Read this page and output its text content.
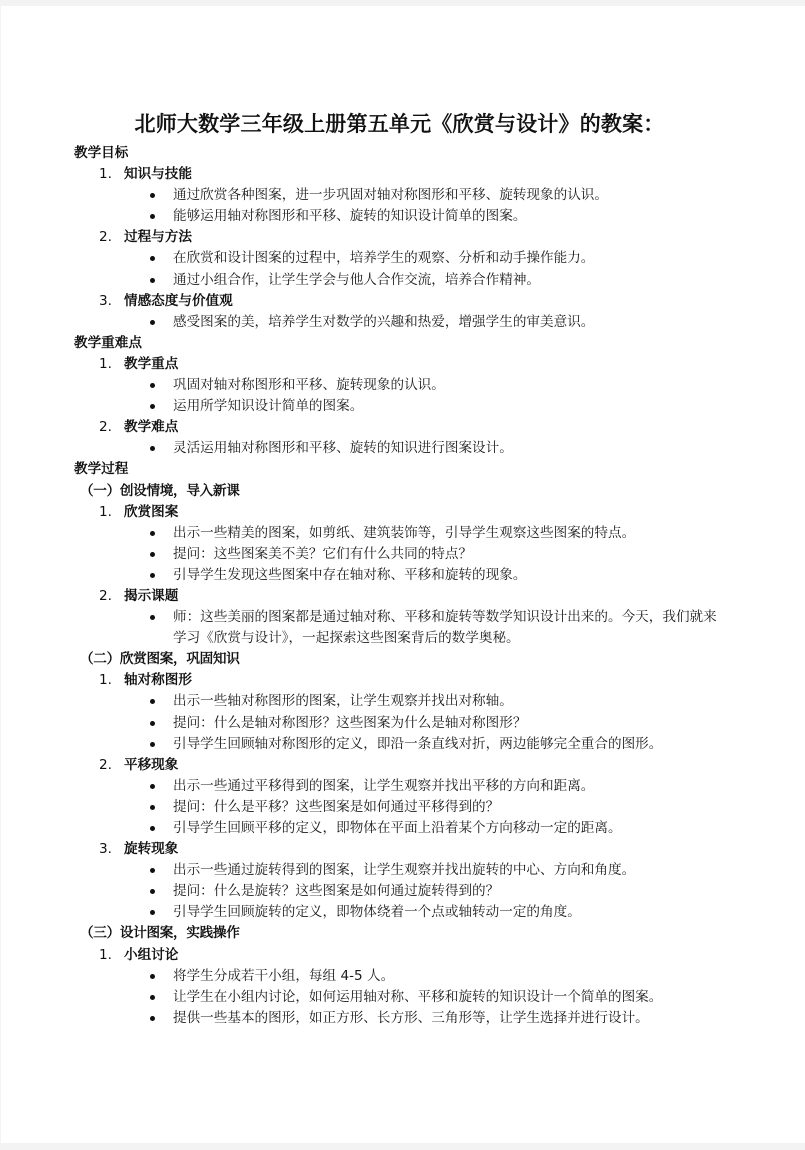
北师大数学三年级上册第五单元《欣赏与设计》的教案：
教学目标
1. 知识与技能
通过欣赏各种图案，进一步巩固对轴对称图形和平移、旋转现象的认识。
能够运用轴对称图形和平移、旋转的知识设计简单的图案。
2. 过程与方法
在欣赏和设计图案的过程中，培养学生的观察、分析和动手操作能力。
通过小组合作，让学生学会与他人合作交流，培养合作精神。
3. 情感态度与价值观
感受图案的美，培养学生对数学的兴趣和热爱，增强学生的审美意识。
教学重难点
1. 教学重点
巩固对轴对称图形和平移、旋转现象的认识。
运用所学知识设计简单的图案。
2. 教学难点
灵活运用轴对称图形和平移、旋转的知识进行图案设计。
教学过程
（一）创设情境，导入新课
1. 欣赏图案
出示一些精美的图案，如剪纸、建筑装饰等，引导学生观察这些图案的特点。
提问：这些图案美不美？它们有什么共同的特点？
引导学生发现这些图案中存在轴对称、平移和旋转的现象。
2. 揭示课题
师：这些美丽的图案都是通过轴对称、平移和旋转等数学知识设计出来的。今天，我们就来学习《欣赏与设计》，一起探索这些图案背后的数学奥秘。
（二）欣赏图案，巩固知识
1. 轴对称图形
出示一些轴对称图形的图案，让学生观察并找出对称轴。
提问：什么是轴对称图形？这些图案为什么是轴对称图形？
引导学生回顾轴对称图形的定义，即沿一条直线对折，两边能够完全重合的图形。
2. 平移现象
出示一些通过平移得到的图案，让学生观察并找出平移的方向和距离。
提问：什么是平移？这些图案是如何通过平移得到的？
引导学生回顾平移的定义，即物体在平面上沿着某个方向移动一定的距离。
3. 旋转现象
出示一些通过旋转得到的图案，让学生观察并找出旋转的中心、方向和角度。
提问：什么是旋转？这些图案是如何通过旋转得到的？
引导学生回顾旋转的定义，即物体绕着一个点或轴转动一定的角度。
（三）设计图案，实践操作
1. 小组讨论
将学生分成若干小组，每组 4-5 人。
让学生在小组内讨论，如何运用轴对称、平移和旋转的知识设计一个简单的图案。
提供一些基本的图形，如正方形、长方形、三角形等，让学生选择并进行设计。
